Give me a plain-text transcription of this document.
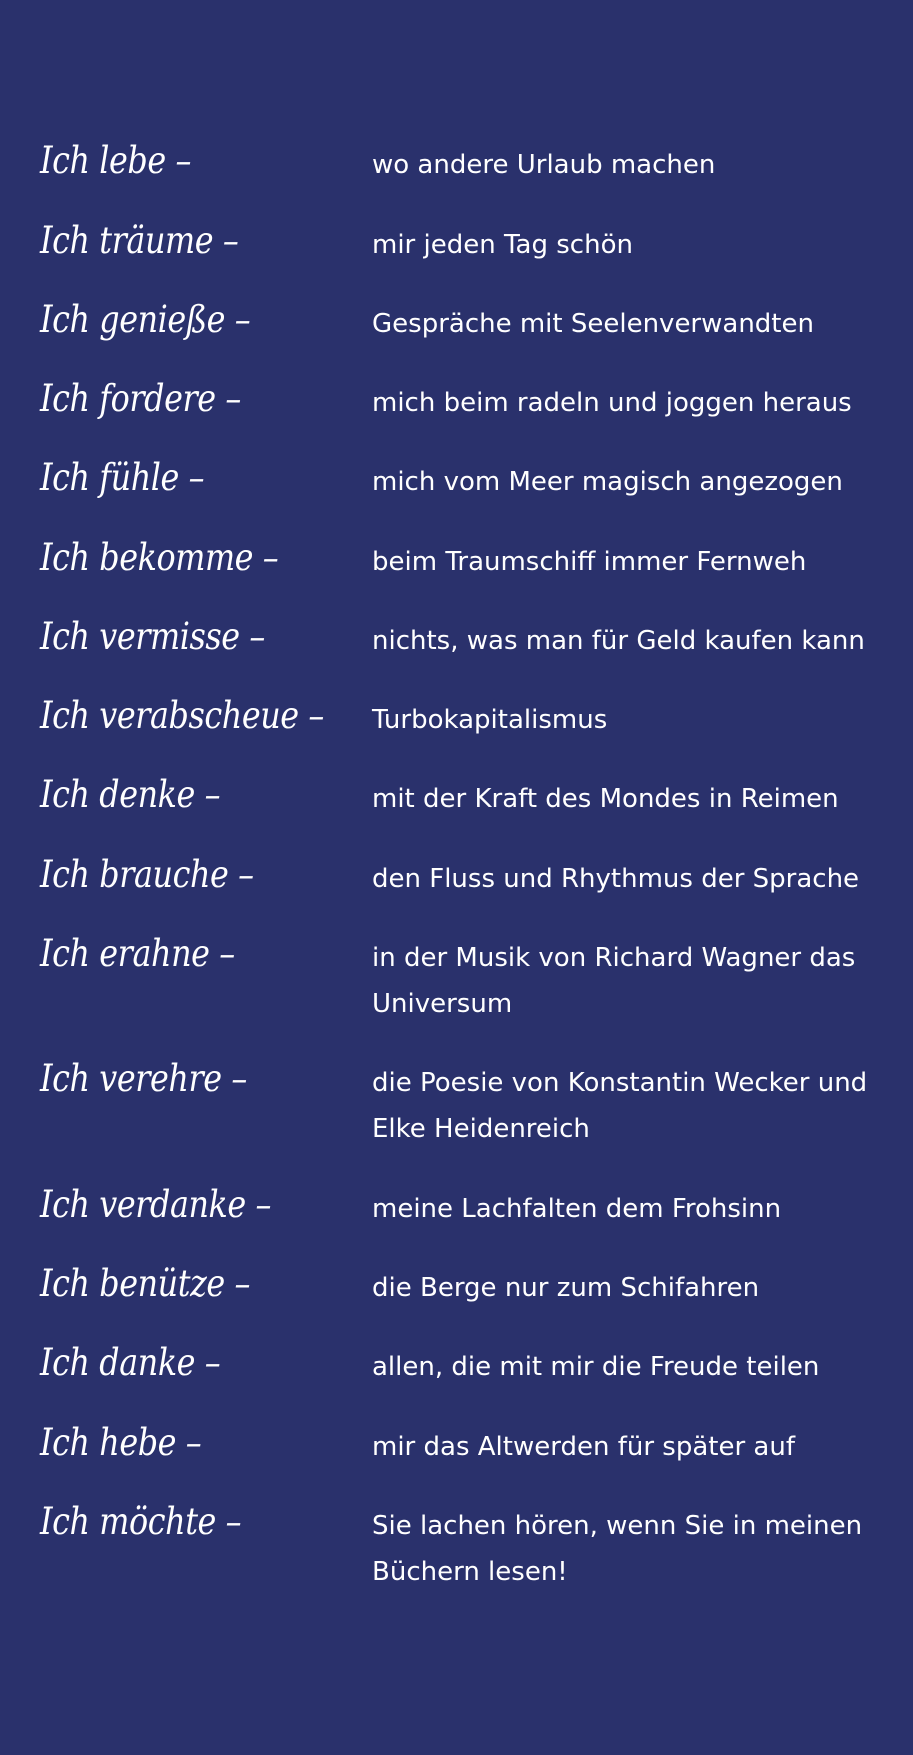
Ich lebe –	wo andere Urlaub machen
Ich träume –	mir jeden Tag schön
Ich genieße –	Gespräche mit Seelenverwandten
Ich fordere –	mich beim radeln und joggen heraus
Ich fühle –	mich vom Meer magisch angezogen
Ich bekomme –	beim Traumschiff immer Fernweh
Ich vermisse –	nichts, was man für Geld kaufen kann
Ich verabscheue – Turbokapitalismus
Ich denke –	mit der Kraft des Mondes in Reimen
Ich brauche –	den Fluss und Rhythmus der Sprache
Ich erahne –	in der Musik von Richard Wagner das Universum
Ich verehre –	die Poesie von Konstantin Wecker und Elke Heidenreich
Ich verdanke –	meine Lachfalten dem Frohsinn
Ich benütze –	die Berge nur zum Schifahren
Ich danke –	allen, die mit mir die Freude teilen
Ich hebe –	mir das Altwerden für später auf
Ich möchte –	Sie lachen hören, wenn Sie in meinen Büchern lesen!
